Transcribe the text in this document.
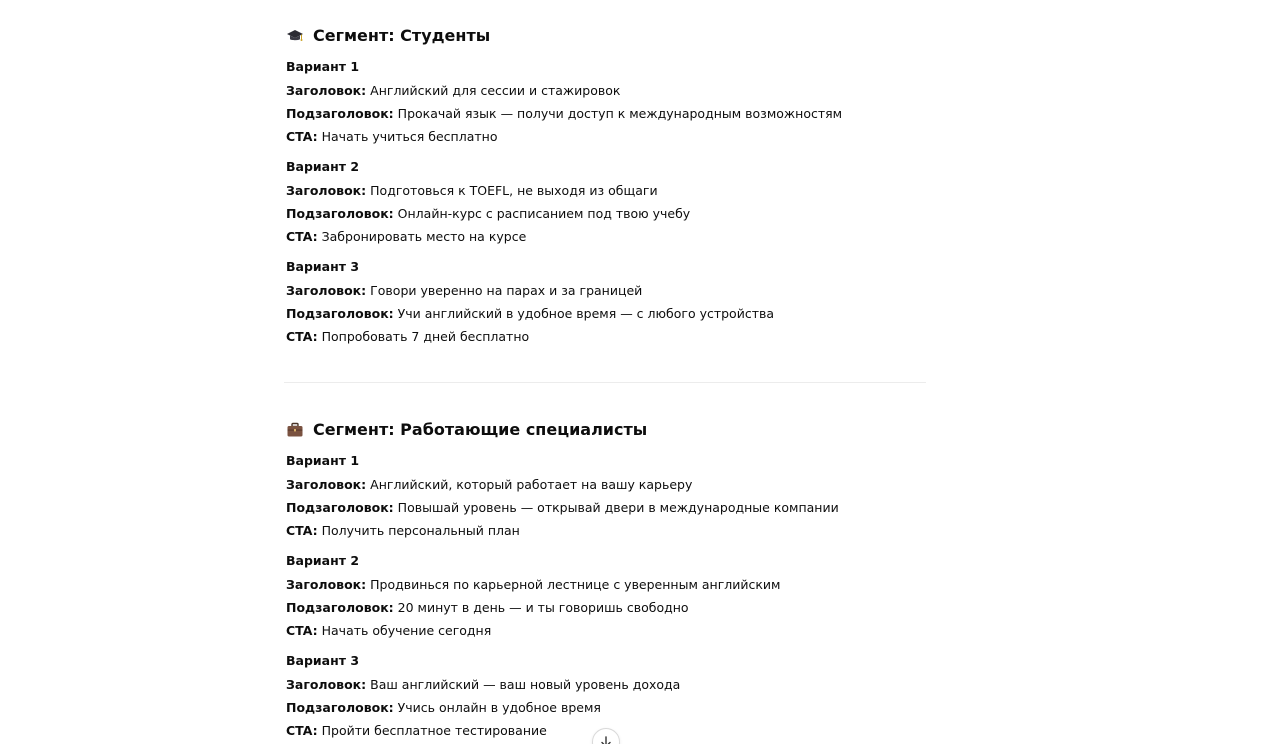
Сегмент: Студенты

Вариант 1

Заголовок: Английский для сессии и стажировок

Подзаголовок: Прокачай язык — получи доступ к международным возможностям

CTA: Начать учиться бесплатно

Вариант 2

Заголовок: Подготовься к TOEFL, не выходя из общаги

Подзаголовок: Онлайн-курс с расписанием под твою учебу

CTA: Забронировать место на курсе

Вариант 3

Заголовок: Говори уверенно на парах и за границей

Подзаголовок: Учи английский в удобное время — с любого устройства

CTA: Попробовать 7 дней бесплатно

Сегмент: Работающие специалисты

Вариант 1

Заголовок: Английский, который работает на вашу карьеру

Подзаголовок: Повышай уровень — открывай двери в международные компании

CTA: Получить персональный план

Вариант 2

Заголовок: Продвинься по карьерной лестнице с уверенным английским

Подзаголовок: 20 минут в день — и ты говоришь свободно

CTA: Начать обучение сегодня

Вариант 3

Заголовок: Ваш английский — ваш новый уровень дохода

Подзаголовок: Учись онлайн в удобное время

CTA: Пройти бесплатное тестирование
